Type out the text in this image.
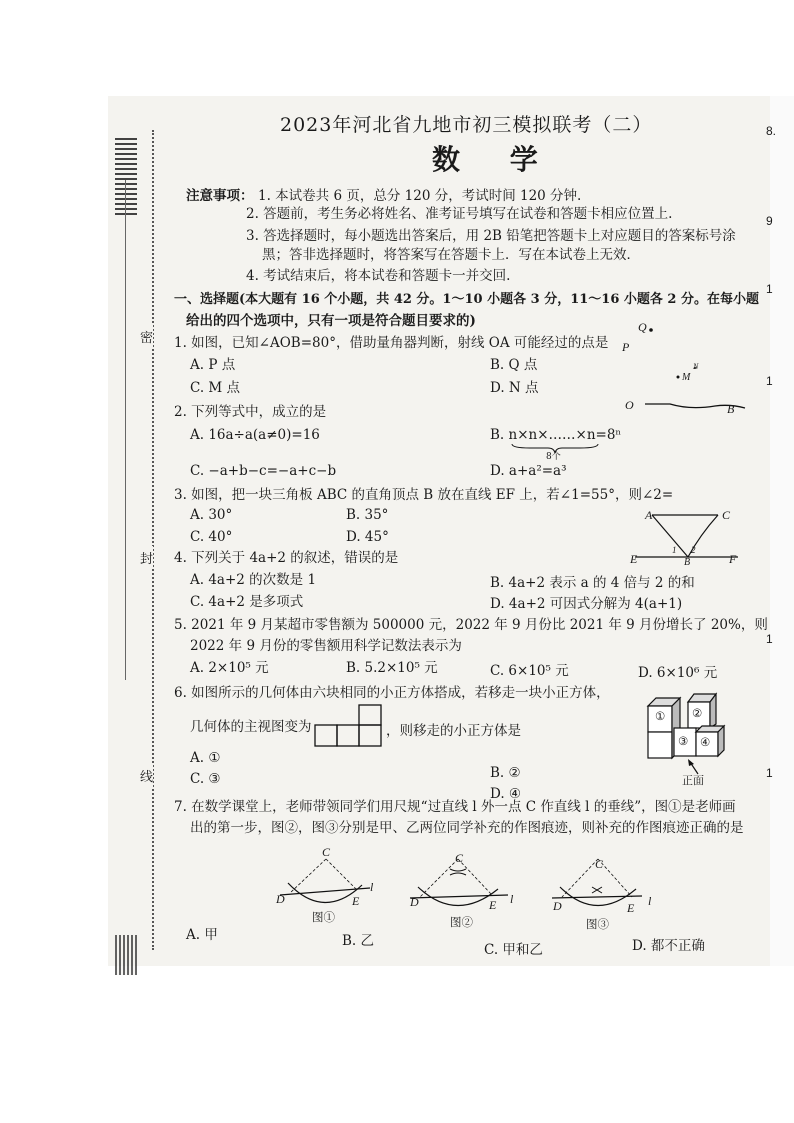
密
封
线
8.
9
1
1
1
1
2023年河北省九地市初三模拟联考（二）
数 学
注意事项： 1. 本试卷共 6 页，总分 120 分，考试时间 120 分钟.
2. 答题前，考生务必将姓名、准考证号填写在试卷和答题卡相应位置上.
3. 答选择题时，每小题选出答案后，用 2B 铅笔把答题卡上对应题目的答案标号涂
黑；答非选择题时，将答案写在答题卡上．写在本试卷上无效．
4. 考试结束后，将本试卷和答题卡一并交回.
一、选择题(本大题有 16 个小题，共 42 分。1～10 小题各 3 分，11～16 小题各 2 分。在每小题
给出的四个选项中，只有一项是符合题目要求的)
1. 如图，已知∠AOB=80°，借助量角器判断，射线 OA 可能经过的点是
A. P 点	B. Q 点
C. M 点	D. N 点
Q
P
M
N
O	B
2. 下列等式中，成立的是
A. 16a÷a(a≠0)=16	B. n×n×……×n=8ⁿ
8个
C. −a+b−c=−a+c−b	D. a+a²=a³
3. 如图，把一块三角板 ABC 的直角顶点 B 放在直线 EF 上，若∠1=55°，则∠2=
A. 30°	B. 35°
C. 40°	D. 45°
A	C
E	B	F
1 2
4. 下列关于 4a+2 的叙述，错误的是
A. 4a+2 的次数是 1	B. 4a+2 表示 a 的 4 倍与 2 的和
C. 4a+2 是多项式	D. 4a+2 可因式分解为 4(a+1)
5. 2021 年 9 月某超市零售额为 500000 元，2022 年 9 月份比 2021 年 9 月份增长了 20%，则
2022 年 9 月份的零售额用科学记数法表示为
A. 2×10⁵ 元	B. 5.2×10⁵ 元	C. 6×10⁵ 元	D. 6×10⁶ 元
6. 如图所示的几何体由六块相同的小正方体搭成，若移走一块小正方体，
几何体的主视图变为	，则移走的小正方体是
A. ①
C. ③	B. ②
D. ④
① ②
③ ④
正面
7. 在数学课堂上，老师带领同学们用尺规“过直线 l 外一点 C 作直线 l 的垂线”，图①是老师画
出的第一步，图②，图③分别是甲、乙两位同学补充的作图痕迹，则补充的作图痕迹正确的是
C
D	E
l
图①
C
D	E l
图②
C
D	E l
图③
A. 甲	B. 乙
C. 甲和乙	D. 都不正确
